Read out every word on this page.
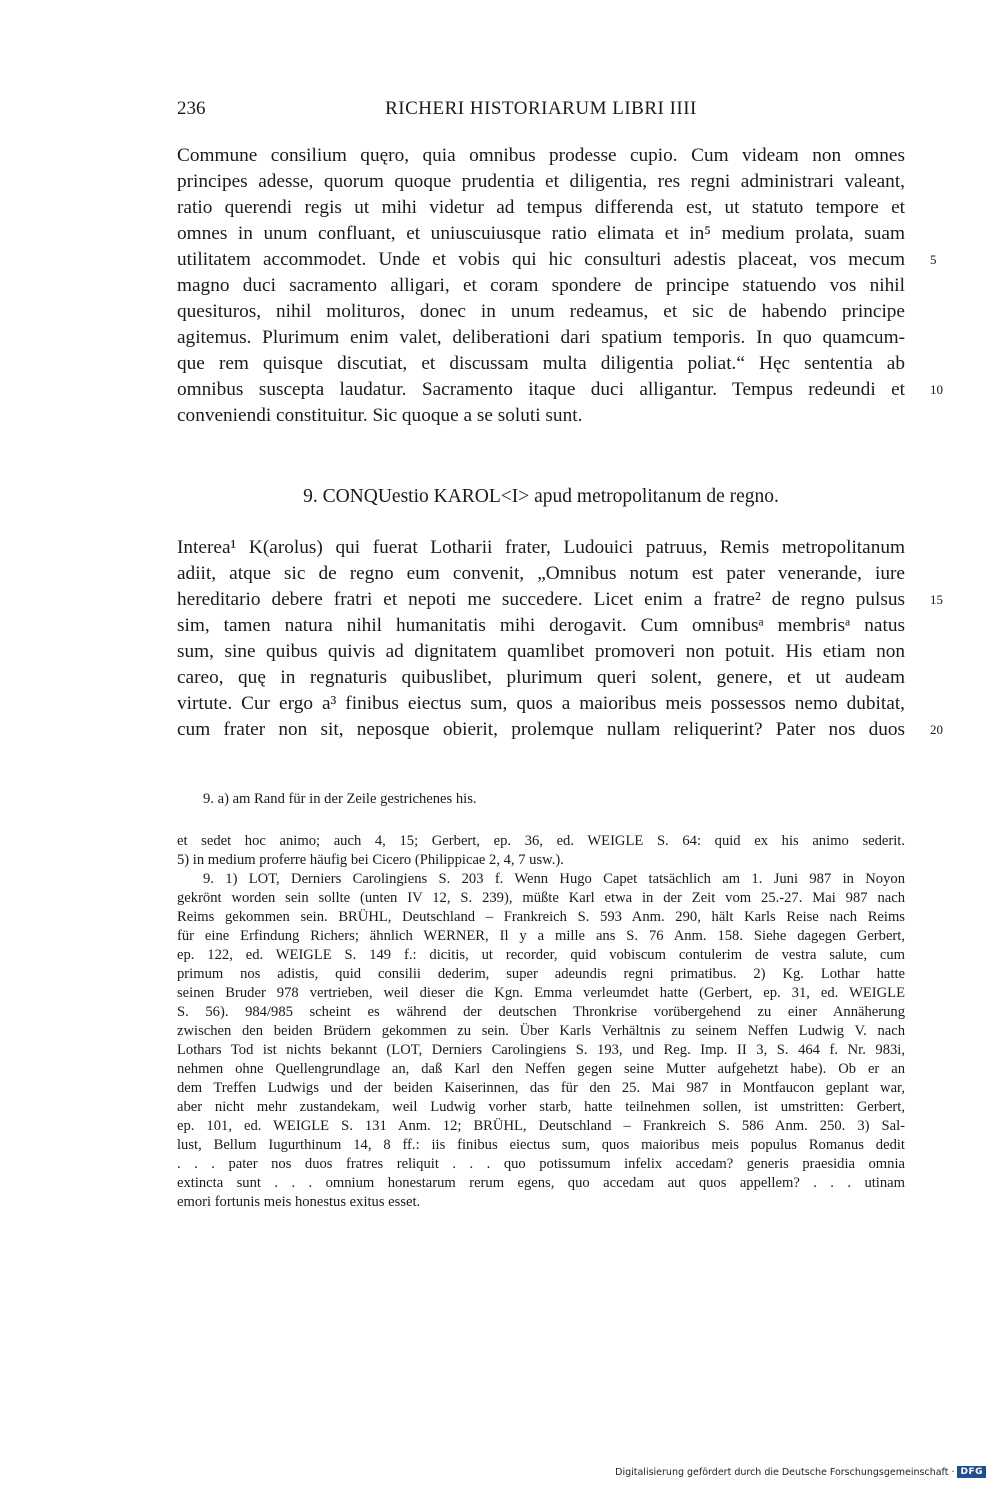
236	RICHERI HISTORIARUM LIBRI IIII
Commune consilium quęro, quia omnibus prodesse cupio. Cum videam non omnes
principes adesse, quorum quoque prudentia et diligentia, res regni administrari valeant,
ratio querendi regis ut mihi videtur ad tempus differenda est, ut statuto tempore et
omnes in unum confluant, et uniuscuiusque ratio elimata et in⁵ medium prolata, suam
utilitatem accommodet. Unde et vobis qui hic consulturi adestis placeat, vos mecum
magno duci sacramento alligari, et coram spondere de principe statuendo vos nihil
quesituros, nihil molituros, donec in unum redeamus, et sic de habendo principe
agitemus. Plurimum enim valet, deliberationi dari spatium temporis. In quo quamcum-
que rem quisque discutiat, et discussam multa diligentia poliat.“ Hęc sententia ab
omnibus suscepta laudatur. Sacramento itaque duci alligantur. Tempus redeundi et
conveniendi constituitur. Sic quoque a se soluti sunt.
5
10
9. CONQUestio KAROL<I> apud metropolitanum de regno.
Interea¹ K(arolus) qui fuerat Lotharii frater, Ludouici patruus, Remis metropolitanum
adiit, atque sic de regno eum convenit, „Omnibus notum est pater venerande, iure
hereditario debere fratri et nepoti me succedere. Licet enim a fratre² de regno pulsus
sim, tamen natura nihil humanitatis mihi derogavit. Cum omnibusᵃ membrisᵃ natus
sum, sine quibus quivis ad dignitatem quamlibet promoveri non potuit. His etiam non
careo, quę in regnaturis quibuslibet, plurimum queri solent, genere, et ut audeam
virtute. Cur ergo a³ finibus eiectus sum, quos a maioribus meis possessos nemo dubitat,
cum frater non sit, neposque obierit, prolemque nullam reliquerint? Pater nos duos
15
20
9. a) am Rand für in der Zeile gestrichenes his.
et sedet hoc animo; auch 4, 15; Gerbert, ep. 36, ed. WEIGLE S. 64: quid ex his animo sederit.
5) in medium proferre häufig bei Cicero (Philippicae 2, 4, 7 usw.).
9. 1) LOT, Derniers Carolingiens S. 203 f. Wenn Hugo Capet tatsächlich am 1. Juni 987 in Noyon
gekrönt worden sein sollte (unten IV 12, S. 239), müßte Karl etwa in der Zeit vom 25.-27. Mai 987 nach
Reims gekommen sein. BRÜHL, Deutschland – Frankreich S. 593 Anm. 290, hält Karls Reise nach Reims
für eine Erfindung Richers; ähnlich WERNER, Il y a mille ans S. 76 Anm. 158. Siehe dagegen Gerbert,
ep. 122, ed. WEIGLE S. 149 f.: dicitis, ut recorder, quid vobiscum contulerim de vestra salute, cum
primum nos adistis, quid consilii dederim, super adeundis regni primatibus. 2) Kg. Lothar hatte
seinen Bruder 978 vertrieben, weil dieser die Kgn. Emma verleumdet hatte (Gerbert, ep. 31, ed. WEIGLE
S. 56). 984/985 scheint es während der deutschen Thronkrise vorübergehend zu einer Annäherung
zwischen den beiden Brüdern gekommen zu sein. Über Karls Verhältnis zu seinem Neffen Ludwig V. nach
Lothars Tod ist nichts bekannt (LOT, Derniers Carolingiens S. 193, und Reg. Imp. II 3, S. 464 f. Nr. 983i,
nehmen ohne Quellengrundlage an, daß Karl den Neffen gegen seine Mutter aufgehetzt habe). Ob er an
dem Treffen Ludwigs und der beiden Kaiserinnen, das für den 25. Mai 987 in Montfaucon geplant war,
aber nicht mehr zustandekam, weil Ludwig vorher starb, hatte teilnehmen sollen, ist umstritten: Gerbert,
ep. 101, ed. WEIGLE S. 131 Anm. 12; BRÜHL, Deutschland – Frankreich S. 586 Anm. 250. 3) Sal-
lust, Bellum Iugurthinum 14, 8 ff.: iis finibus eiectus sum, quos maioribus meis populus Romanus dedit
. . . pater nos duos fratres reliquit . . . quo potissumum infelix accedam? generis praesidia omnia
extincta sunt . . . omnium honestarum rerum egens, quo accedam aut quos appellem? . . . utinam
emori fortunis meis honestus exitus esset.
Digitalisierung gefördert durch die Deutsche Forschungsgemeinschaft · DFG
